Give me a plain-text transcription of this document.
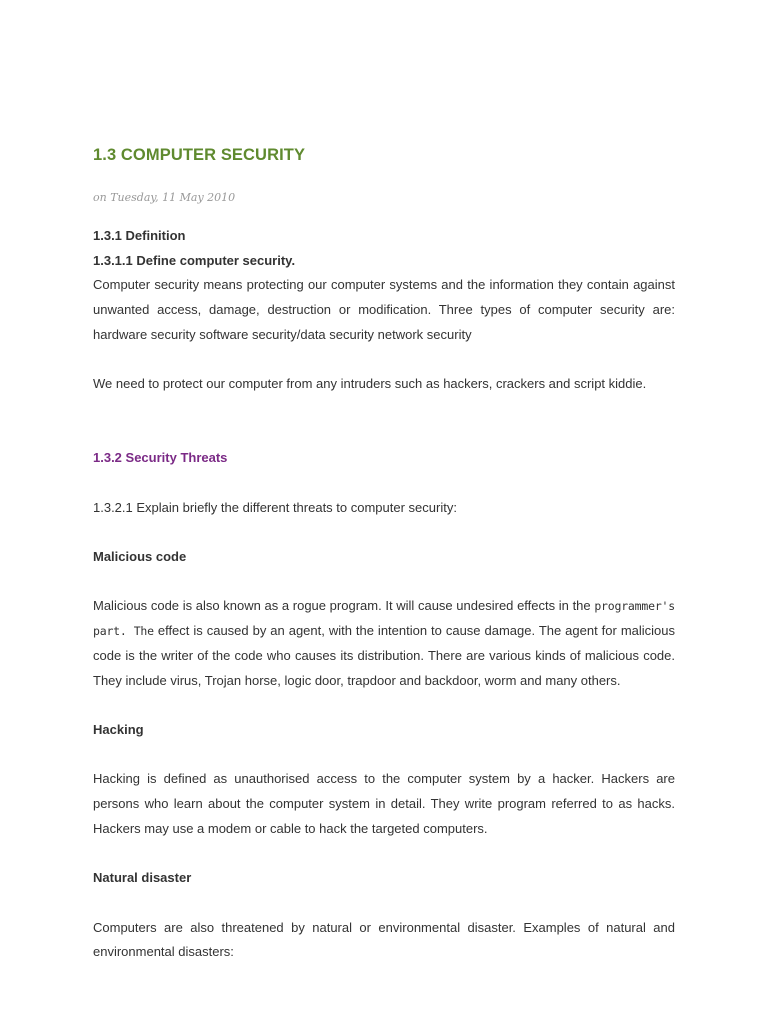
1.3 COMPUTER SECURITY
on Tuesday, 11 May 2010

1.3.1 Definition

1.3.1.1 Define computer security.

Computer security means protecting our computer systems and the information they contain against unwanted access, damage, destruction or modification. Three types of computer security are: hardware security software security/data security network security

We need to protect our computer from any intruders such as hackers, crackers and script kiddie.

1.3.2 Security Threats

1.3.2.1 Explain briefly the different threats to computer security:

Malicious code

Malicious code is also known as a rogue program. It will cause undesired effects in the programmer's part. The effect is caused by an agent, with the intention to cause damage. The agent for malicious code is the writer of the code who causes its distribution. There are various kinds of malicious code. They include virus, Trojan horse, logic door, trapdoor and backdoor, worm and many others.

Hacking

Hacking is defined as unauthorised access to the computer system by a hacker. Hackers are persons who learn about the computer system in detail. They write program referred to as hacks. Hackers may use a modem or cable to hack the targeted computers.

Natural disaster

Computers are also threatened by natural or environmental disaster. Examples of natural and environmental disasters:
